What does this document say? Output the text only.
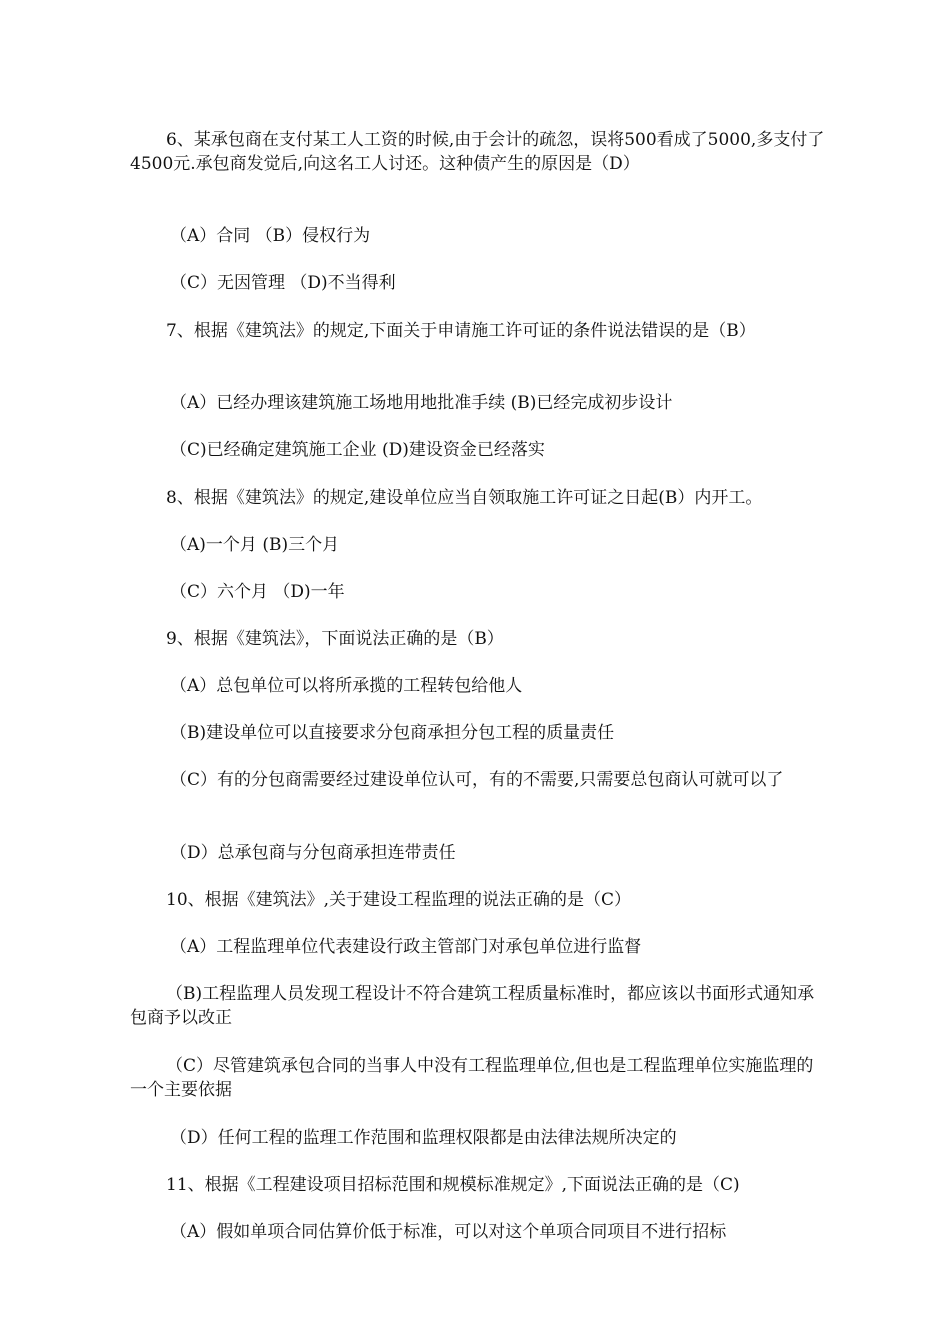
6、某承包商在支付某工人工资的时候,由于会计的疏忽，误将500看成了5000,多支付了4500元.承包商发觉后,向这名工人讨还。这种债产生的原因是（D）

（A）合同 （B）侵权行为

（C）无因管理 （D)不当得利

7、根据《建筑法》的规定,下面关于申请施工许可证的条件说法错误的是（B）

（A）已经办理该建筑施工场地用地批准手续 (B)已经完成初步设计

（C)已经确定建筑施工企业 (D)建设资金已经落实

8、根据《建筑法》的规定,建设单位应当自领取施工许可证之日起(B）内开工。

（A)一个月 (B)三个月

（C）六个月 （D)一年

9、根据《建筑法》，下面说法正确的是（B）

（A）总包单位可以将所承揽的工程转包给他人

（B)建设单位可以直接要求分包商承担分包工程的质量责任

（C）有的分包商需要经过建设单位认可，有的不需要,只需要总包商认可就可以了

（D）总承包商与分包商承担连带责任

10、根据《建筑法》,关于建设工程监理的说法正确的是（C）

（A）工程监理单位代表建设行政主管部门对承包单位进行监督

（B)工程监理人员发现工程设计不符合建筑工程质量标准时，都应该以书面形式通知承包商予以改正

（C）尽管建筑承包合同的当事人中没有工程监理单位,但也是工程监理单位实施监理的一个主要依据

（D）任何工程的监理工作范围和监理权限都是由法律法规所决定的

11、根据《工程建设项目招标范围和规模标准规定》,下面说法正确的是（C)

（A）假如单项合同估算价低于标准，可以对这个单项合同项目不进行招标
